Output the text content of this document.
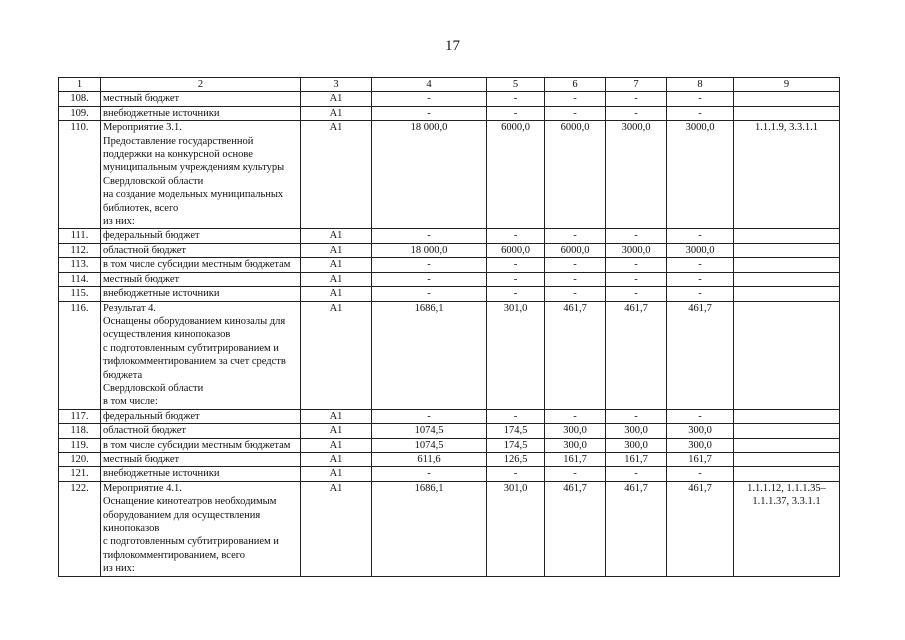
17
1	2	3	4	5	6	7	8	9
108.	местный бюджет	А1	-	-	-	-	-	
109.	внебюджетные источники	А1	-	-	-	-	-	
110.	Мероприятие 3.1.
Предоставление государственной поддержки на конкурсной основе муниципальным учреждениям культуры Свердловской области
на создание модельных муниципальных библиотек, всего
из них:	А1	18 000,0	6000,0	6000,0	3000,0	3000,0	1.1.1.9, 3.3.1.1
111.	федеральный бюджет	А1	-	-	-	-	-	
112.	областной бюджет	А1	18 000,0	6000,0	6000,0	3000,0	3000,0	
113.	в том числе субсидии местным бюджетам	А1	-	-	-	-	-	
114.	местный бюджет	А1	-	-	-	-	-	
115.	внебюджетные источники	А1	-	-	-	-	-	
116.	Результат 4.
Оснащены оборудованием кинозалы для осуществления кинопоказов
с подготовленным субтитрированием и тифлокомментированием за счет средств бюджета
Свердловской области
в том числе:	А1	1686,1	301,0	461,7	461,7	461,7	
117.	федеральный бюджет	А1	-	-	-	-	-	
118.	областной бюджет	А1	1074,5	174,5	300,0	300,0	300,0	
119.	в том числе субсидии местным бюджетам	А1	1074,5	174,5	300,0	300,0	300,0	
120.	местный бюджет	А1	611,6	126,5	161,7	161,7	161,7	
121.	внебюджетные источники	А1	-	-	-	-	-	
122.	Мероприятие 4.1.
Оснащение кинотеатров необходимым оборудованием для осуществления кинопоказов
с подготовленным субтитрированием и тифлокомментированием, всего
из них:	А1	1686,1	301,0	461,7	461,7	461,7	1.1.1.12, 1.1.1.35–1.1.1.37, 3.3.1.1
